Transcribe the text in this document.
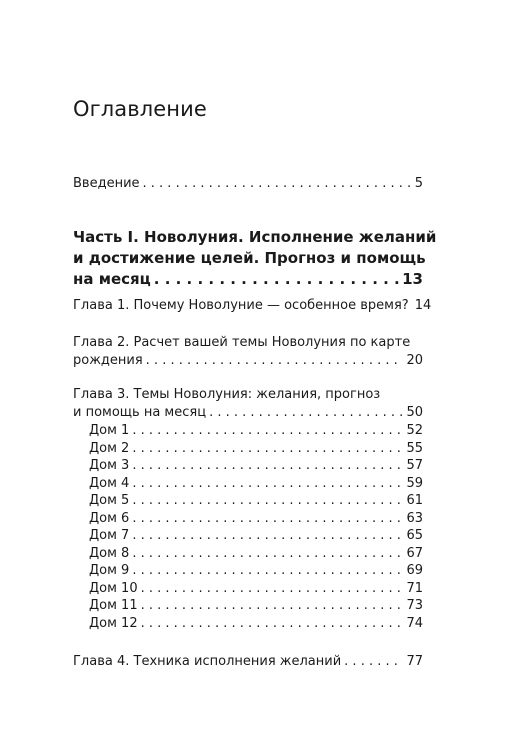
Оглавление
Введение . . .	5
Часть I. Новолуния. Исполнение желаний
и достижение целей. Прогноз и помощь
на месяц . . .	13
Глава 1. Почему Новолуние — особенное время? 14
Глава 2. Расчет вашей темы Новолуния по карте
рождения . . .	20
Глава 3. Темы Новолуния: желания, прогноз
и помощь на месяц . . .	50
Дом 1 . . .	52
Дом 2 . . .	55
Дом 3 . . .	57
Дом 4 . . .	59
Дом 5 . . .	61
Дом 6 . . .	63
Дом 7 . . .	65
Дом 8 . . .	67
Дом 9 . . .	69
Дом 10 . . .	71
Дом 11 . . .	73
Дом 12 . . .	74
Глава 4. Техника исполнения желаний . . .	77
